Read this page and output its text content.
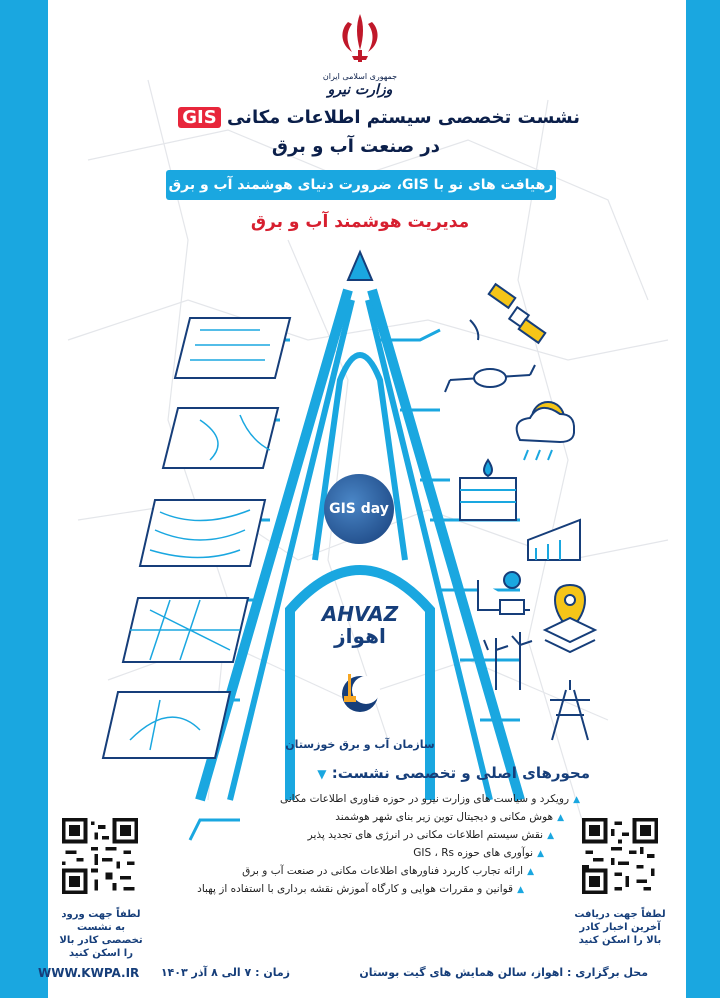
جمهوری اسلامی ایران
وزارت نیرو
نشست تخصصی سیستم اطلاعات مکانی GIS
در صنعت آب و برق
رهیافت های نو با GIS، ضرورت دنیای هوشمند آب و برق
مدیریت هوشمند آب و برق
GIS day
AHVAZ
اهواز
سازمان آب و برق خوزستان
محورهای اصلی و تخصصی نشست: ▼
▲رویکرد و سیاست های وزارت نیرو در حوزه فناوری اطلاعات مکانی
▲هوش مکانی و دیجیتال توین زیر بنای شهر هوشمند
▲نقش سیستم اطلاعات مکانی در انرژی های تجدید پذیر
▲نوآوری های حوزه GIS ، Rs
▲ارائه تجارب کاربرد فناورهای اطلاعات مکانی در صنعت آب و برق
▲قوانین و مقررات هوایی و کارگاه آموزش نقشه برداری با استفاده از پهباد
لطفاً جهت ورود به نشست تخصصی کادر بالا را اسکن کنید
لطفاً جهت دریافت آخرین اخبار کادر بالا را اسکن کنید
WWW.KWPA.IR زمان : ۷ الی ۸ آذر ۱۴۰۳	محل برگزاری : اهواز، سالن همایش های گیت بوستان
